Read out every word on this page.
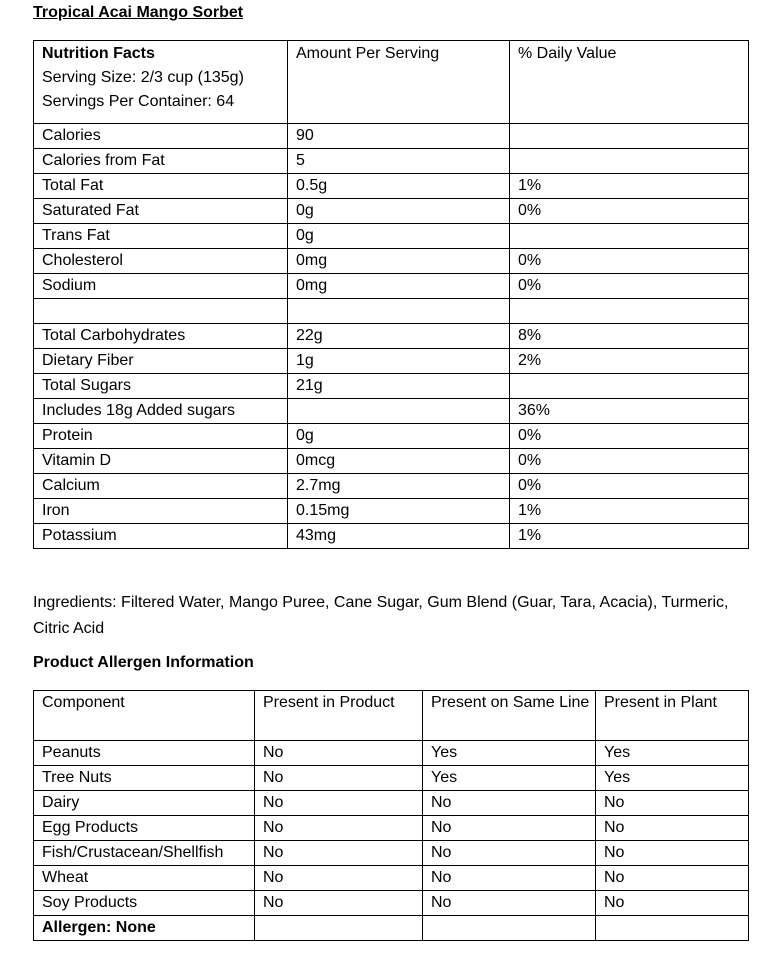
Tropical Acai Mango Sorbet
Nutrition Facts
Serving Size: 2/3 cup (135g)
Servings Per Container: 64	Amount Per Serving	% Daily Value
Calories	90	
Calories from Fat	5	
Total Fat	0.5g	1%
Saturated Fat	0g	0%
Trans Fat	0g	
Cholesterol	0mg	0%
Sodium	0mg	0%

Total Carbohydrates	22g	8%
Dietary Fiber	1g	2%
Total Sugars	21g	
Includes 18g Added sugars		36%
Protein	0g	0%
Vitamin D	0mcg	0%
Calcium	2.7mg	0%
Iron	0.15mg	1%
Potassium	43mg	1%
Ingredients: Filtered Water, Mango Puree, Cane Sugar, Gum Blend (Guar, Tara, Acacia), Turmeric, Citric Acid
Product Allergen Information
Component	Present in Product	Present on Same Line	Present in Plant
Peanuts	No	Yes	Yes
Tree Nuts	No	Yes	Yes
Dairy	No	No	No
Egg Products	No	No	No
Fish/Crustacean/Shellfish	No	No	No
Wheat	No	No	No
Soy Products	No	No	No
Allergen: None			
